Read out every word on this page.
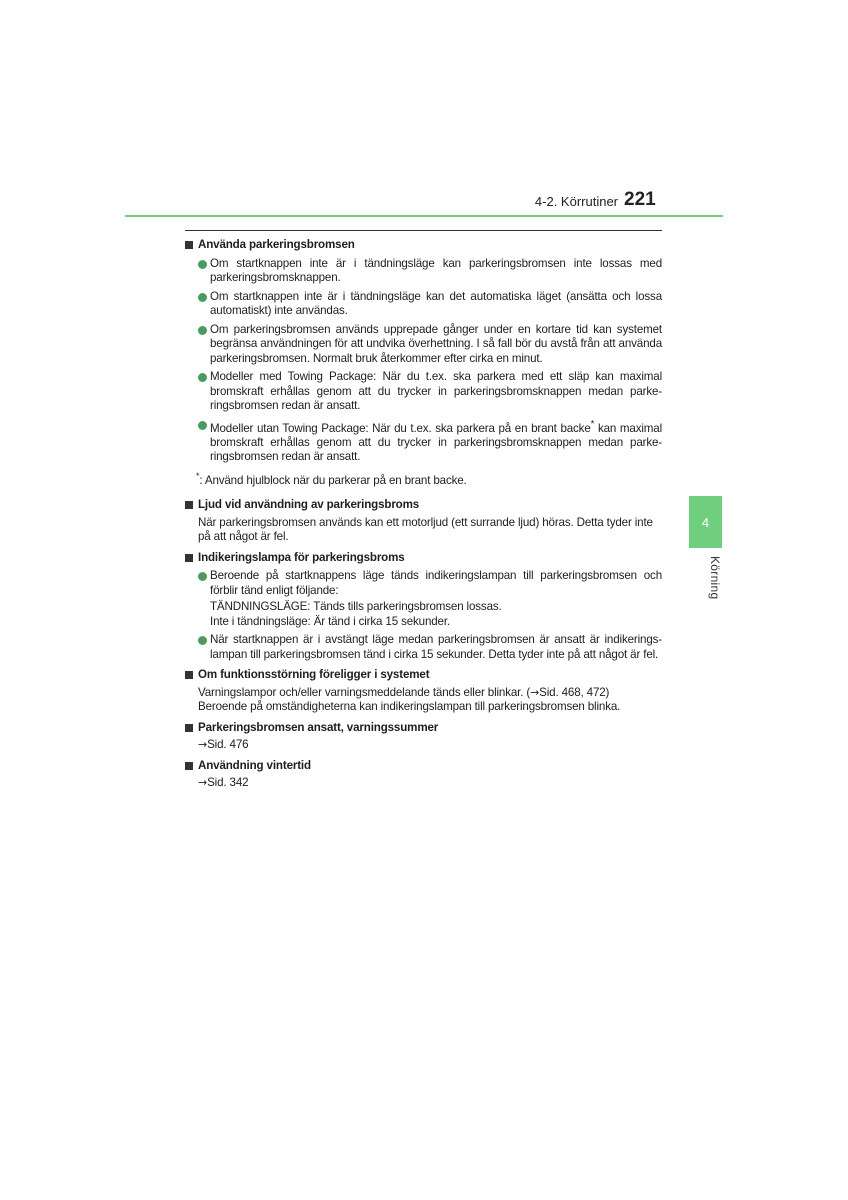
4-2. Körrutiner 221
4
Körning
Använda parkeringsbromsen
Om startknappen inte är i tändningsläge kan parkeringsbromsen inte lossas med parkeringsbromsknappen.
Om startknappen inte är i tändningsläge kan det automatiska läget (ansätta och lossa automatiskt) inte användas.
Om parkeringsbromsen används upprepade gånger under en kortare tid kan systemet begränsa användningen för att undvika överhettning. I så fall bör du avstå från att använda parkeringsbromsen. Normalt bruk återkommer efter cirka en minut.
Modeller med Towing Package: När du t.ex. ska parkera med ett släp kan maximal bromskraft erhållas genom att du trycker in parkeringsbromsknappen medan parke-ringsbromsen redan är ansatt.
Modeller utan Towing Package: När du t.ex. ska parkera på en brant backe* kan maximal bromskraft erhållas genom att du trycker in parkeringsbromsknappen medan parke-ringsbromsen redan är ansatt.
*: Använd hjulblock när du parkerar på en brant backe.
Ljud vid användning av parkeringsbroms
När parkeringsbromsen används kan ett motorljud (ett surrande ljud) höras. Detta tyder inte på att något är fel.
Indikeringslampa för parkeringsbroms
Beroende på startknappens läge tänds indikeringslampan till parkeringsbromsen och förblir tänd enligt följande:
TÄNDNINGSLÄGE: Tänds tills parkeringsbromsen lossas.
Inte i tändningsläge: Är tänd i cirka 15 sekunder.
När startknappen är i avstängt läge medan parkeringsbromsen är ansatt är indikerings-lampan till parkeringsbromsen tänd i cirka 15 sekunder. Detta tyder inte på att något är fel.
Om funktionsstörning föreligger i systemet
Varningslampor och/eller varningsmeddelande tänds eller blinkar. (→Sid. 468, 472)
Beroende på omständigheterna kan indikeringslampan till parkeringsbromsen blinka.
Parkeringsbromsen ansatt, varningssummer
→Sid. 476
Användning vintertid
→Sid. 342
